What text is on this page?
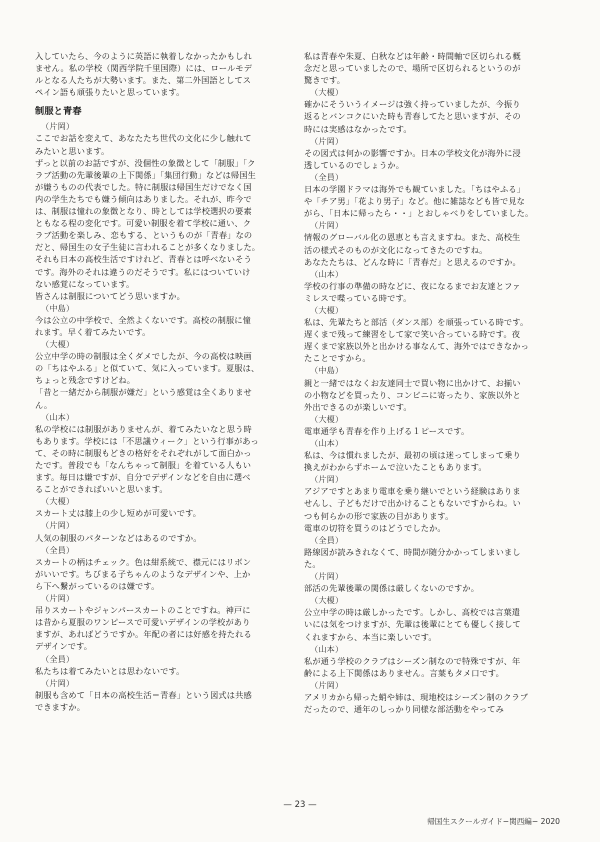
入していたら、今のように英語に執着しなかったかもしれ
ません。私の学校（関西学院千里国際）には、ロールモデ
ルとなる人たちが大勢います。また、第二外国語としてス
ペイン語も頑張りたいと思っています。
制服と青春
（片岡）
ここでお話を変えて、あなたたち世代の文化に少し触れて
みたいと思います。
ずっと以前のお話ですが、没個性の象徴として「制服」「ク
ラブ活動の先輩後輩の上下関係」「集団行動」などは帰国生
が嫌うものの代表でした。特に制服は帰国生だけでなく国
内の学生たちでも嫌う傾向はありました。それが、昨今で
は、制服は憧れの象徴となり、時としては学校選択の要素
ともなる程の変化です。可愛い制服を着て学校に通い、ク
ラブ活動を楽しみ、恋もする、というものが「青春」なの
だと、帰国生の女子生徒に言われることが多くなりました。
それも日本の高校生活ですけれど、青春とは呼べないそう
です。海外のそれは違うのだそうです。私にはついていけ
ない感覚になっています。
皆さんは制服についてどう思いますか。
（中島）
今は公立の中学校で、全然よくないです。高校の制服に憧
れます。早く着てみたいです。
（大榎）
公立中学の時の制服は全くダメでしたが、今の高校は映画
の「ちはやふる」と似ていて、気に入っています。夏服は、
ちょっと残念ですけどね。
「昔と一緒だから制服が嫌だ」という感覚は全くありませ
ん。
（山本）
私の学校には制服がありませんが、着てみたいなと思う時
もあります。学校には「不思議ウィーク」という行事があっ
て、その時に制服もどきの格好をそれぞれがして面白かっ
たです。普段でも「なんちゃって制服」を着ている人もい
ます。毎日は嫌ですが、自分でデザインなどを自由に選べ
ることができればいいと思います。
（大榎）
スカート丈は膝上の少し短めが可愛いです。
（片岡）
人気の制服のパターンなどはあるのですか。
（全員）
スカートの柄はチェック。色は紺系統で、襟元にはリボン
がいいです。ちびまる子ちゃんのようなデザインや、上か
ら下へ繋がっているのは嫌です。
（片岡）
吊りスカートやジャンパースカートのことですね。神戸に
は昔から夏服のワンピースで可愛いデザインの学校があり
ますが、あればどうですか。年配の者には好感を持たれる
デザインです。
（全員）
私たちは着てみたいとは思わないです。
（片岡）
制服も含めて「日本の高校生活＝青春」という図式は共感
できますか。
私は青春や朱夏、白秋などは年齢・時間軸で区切られる概
念だと思っていましたので、場所で区切られるというのが
驚きです。
（大榎）
確かにそういうイメージは強く持っていましたが、今振り
返るとバンコクにいた時も青春してたと思いますが、その
時には実感はなかったです。
（片岡）
その図式は何かの影響ですか。日本の学校文化が海外に浸
透しているのでしょうか。
（全員）
日本の学園ドラマは海外でも観ていました。「ちはやふる」
や「チア男」「花より男子」など。他に雑誌なども皆で見な
がら、「日本に帰ったら・・」とおしゃべりをしていました。
（片岡）
情報のグローバル化の恩恵とも言えますね。また、高校生
活の様式そのものが文化になってきたのですね。
あなたたちは、どんな時に「青春だ」と思えるのですか。
（山本）
学校の行事の準備の時などに、夜になるまでお友達とファ
ミレスで喋っている時です。
（大榎）
私は、先輩たちと部活（ダンス部）を頑張っている時です。
遅くまで残って練習をして家で笑い合っている時です。夜
遅くまで家族以外と出かける事なんて、海外ではできなかっ
たことですから。
（中島）
親と一緒ではなくお友達同士で買い物に出かけて、お揃い
の小物などを買ったり、コンビニに寄ったり、家族以外と
外出できるのが楽しいです。
（大榎）
電車通学も青春を作り上げる１ピースです。
（山本）
私は、今は慣れましたが、最初の頃は迷ってしまって乗り
換えがわからずホームで泣いたこともあります。
（片岡）
アジアですとあまり電車を乗り継いでという経験はありま
せんし、子どもだけで出かけることもないですからね。い
つも何らかの形で家族の目があります。
電車の切符を買うのはどうでしたか。
（全員）
路線図が読みきれなくて、時間が随分かかってしまいまし
た。
（片岡）
部活の先輩後輩の関係は厳しくないのですか。
（大榎）
公立中学の時は厳しかったです。しかし、高校では言葉遣
いには気をつけますが、先輩は後輩にとても優しく接して
くれますから、本当に楽しいです。
（山本）
私が通う学校のクラブはシーズン制なので特殊ですが、年
齢による上下関係はありません。言葉もタメ口です。
（片岡）
アメリカから帰った蛸や姉は、現地校はシーズン制のクラブ
だったので、通年のしっかり同様な部活動をやってみ
— 23 —
帰国生スクールガイド−関西編− 2020
